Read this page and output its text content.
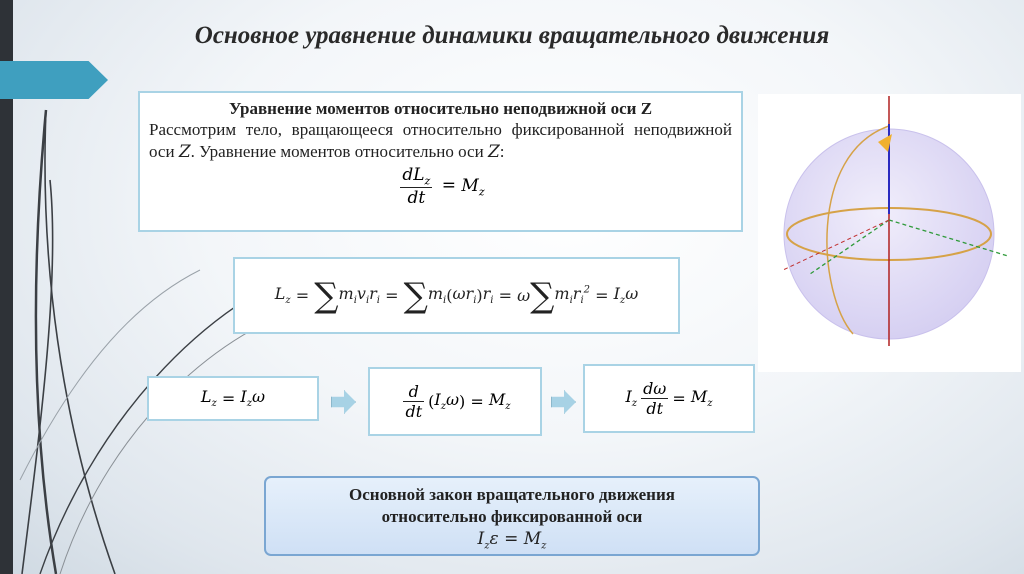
Основное уравнение динамики вращательного движения
Уравнение моментов относительно неподвижной оси Z
Рассмотрим тело, вращающееся относительно фиксированной неподвижной оси Z. Уравнение моментов относительно оси Z:
$\frac{dL_z}{dt} = M_z$
$L_z$ = ∑ $m_iv_ir_i$ = ∑ $m_i$ ( $\omega r_i$ ) $r_i = \omega$ ∑ $m_ir_i^2 = I_z\omega$
$L_z = I_z\omega$	$\frac{d}{dt}$ ( $I_z\omega$ ) = $M_z$
$I_z \frac{d\omega}{dt} = M_z$
Основной закон вращательного движения
относительно фиксированной оси
$I_z\varepsilon = M_z$
